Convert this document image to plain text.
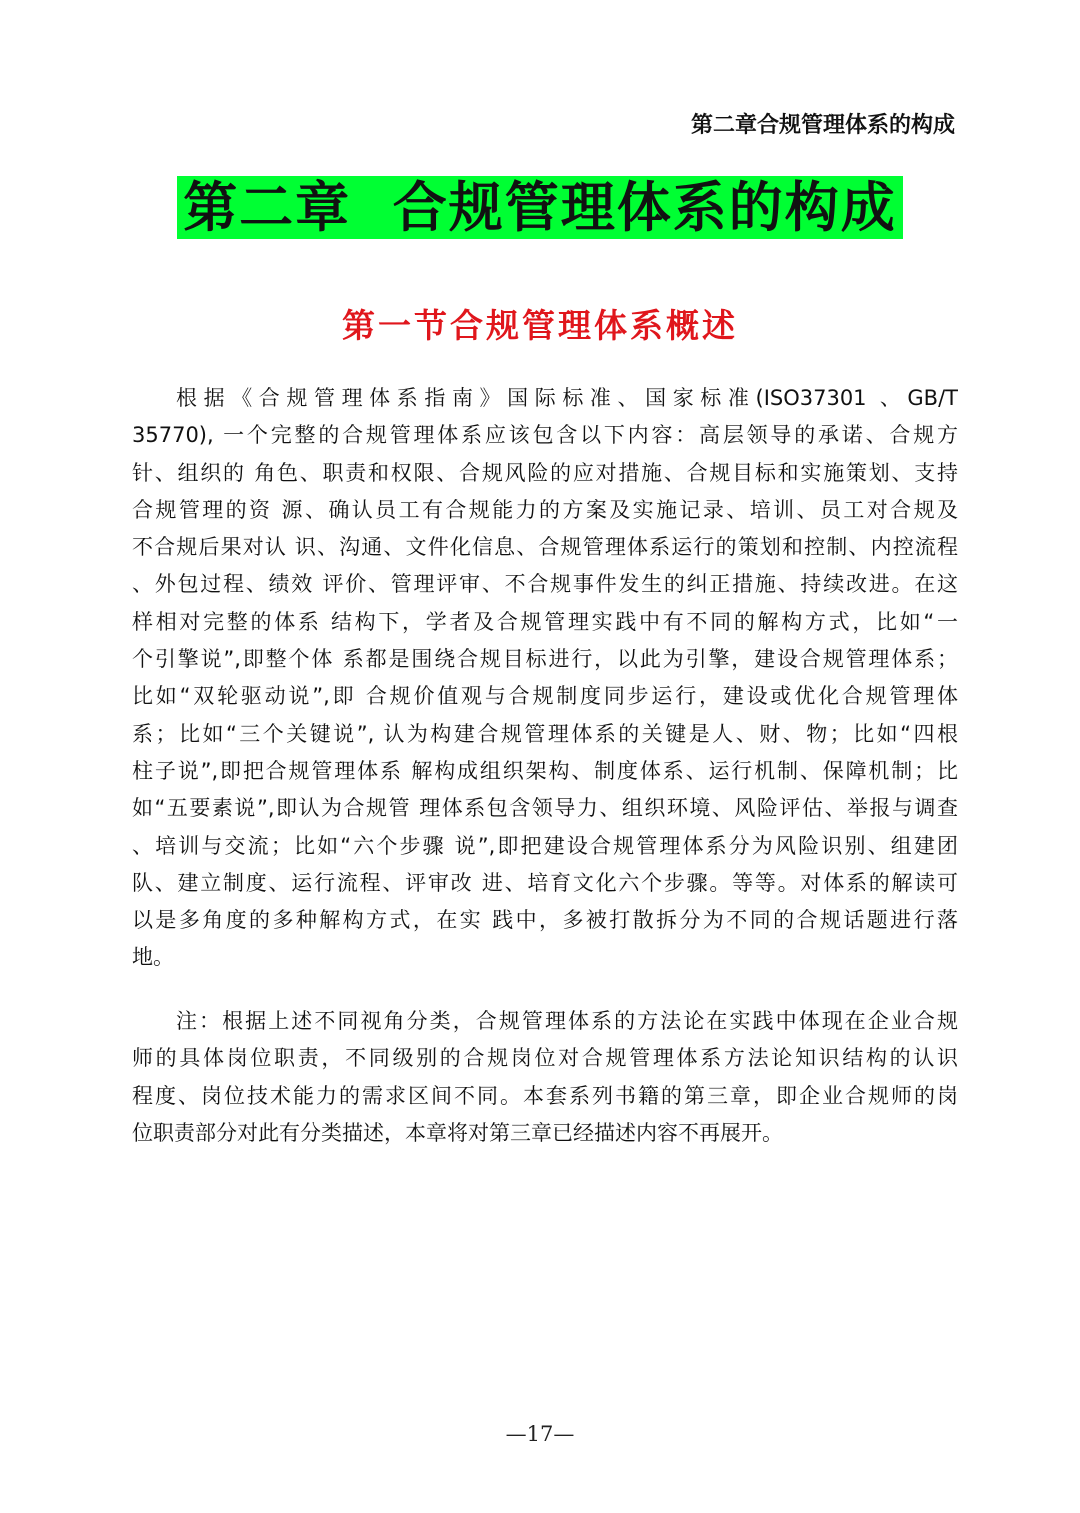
第二章合规管理体系的构成
第二章  合规管理体系的构成
第一节合规管理体系概述
根据《合规管理体系指南》国际标准、国家标准(ISO37301 、GB/T
35770), 一个完整的合规管理体系应该包含以下内容：高层领导的承诺、合规方
针、组织的 角色、职责和权限、合规风险的应对措施、合规目标和实施策划、支持
合规管理的资 源、确认员工有合规能力的方案及实施记录、培训、员工对合规及
不合规后果对认 识、沟通、文件化信息、合规管理体系运行的策划和控制、内控流程
、外包过程、绩效 评价、管理评审、不合规事件发生的纠正措施、持续改进。在这
样相对完整的体系 结构下，学者及合规管理实践中有不同的解构方式，比如“一
个引擎说”,即整个体 系都是围绕合规目标进行，以此为引擎，建设合规管理体系；
比如“双轮驱动说”,即 合规价值观与合规制度同步运行，建设或优化合规管理体
系；比如“三个关键说”, 认为构建合规管理体系的关键是人、财、物；比如“四根
柱子说”,即把合规管理体系 解构成组织架构、制度体系、运行机制、保障机制；比
如“五要素说”,即认为合规管 理体系包含领导力、组织环境、风险评估、举报与调查
、培训与交流；比如“六个步骤 说”,即把建设合规管理体系分为风险识别、组建团
队、建立制度、运行流程、评审改 进、培育文化六个步骤。等等。对体系的解读可
以是多角度的多种解构方式，在实 践中，多被打散拆分为不同的合规话题进行落
地。
注：根据上述不同视角分类，合规管理体系的方法论在实践中体现在企业合规
师的具体岗位职责，不同级别的合规岗位对合规管理体系方法论知识结构的认识
程度、岗位技术能力的需求区间不同。本套系列书籍的第三章，即企业合规师的岗
位职责部分对此有分类描述，本章将对第三章已经描述内容不再展开。
—17—
